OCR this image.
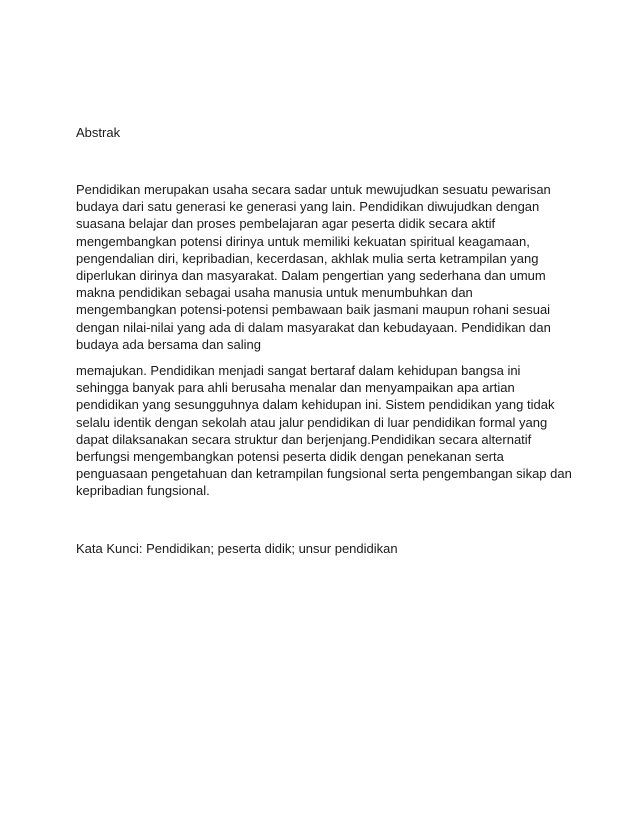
Abstrak

Pendidikan merupakan usaha secara sadar untuk mewujudkan sesuatu pewarisan budaya dari satu generasi ke generasi yang lain. Pendidikan diwujudkan dengan suasana belajar dan proses pembelajaran agar peserta didik secara aktif mengembangkan potensi dirinya untuk memiliki kekuatan spiritual keagamaan, pengendalian diri, kepribadian, kecerdasan, akhlak mulia serta ketrampilan yang diperlukan dirinya dan masyarakat. Dalam pengertian yang sederhana dan umum makna pendidikan sebagai usaha manusia untuk menumbuhkan dan mengembangkan potensi-potensi pembawaan baik jasmani maupun rohani sesuai dengan nilai-nilai yang ada di dalam masyarakat dan kebudayaan. Pendidikan dan budaya ada bersama dan saling

memajukan. Pendidikan menjadi sangat bertaraf dalam kehidupan bangsa ini sehingga banyak para ahli berusaha menalar dan menyampaikan apa artian pendidikan yang sesungguhnya dalam kehidupan ini. Sistem pendidikan yang tidak selalu identik dengan sekolah atau jalur pendidikan di luar pendidikan formal yang dapat dilaksanakan secara struktur dan berjenjang.Pendidikan secara alternatif berfungsi mengembangkan potensi peserta didik dengan penekanan serta penguasaan pengetahuan dan ketrampilan fungsional serta pengembangan sikap dan kepribadian fungsional.

Kata Kunci: Pendidikan; peserta didik; unsur pendidikan
